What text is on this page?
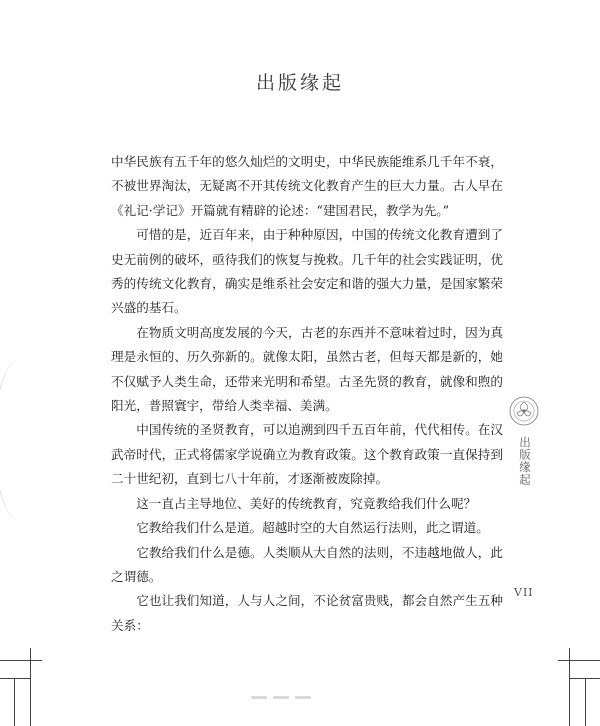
出版缘起

中华民族有五千年的悠久灿烂的文明史，中华民族能维系几千年不衰，不被世界淘汰，无疑离不开其传统文化教育产生的巨大力量。古人早在《礼记·学记》开篇就有精辟的论述：“建国君民，教学为先。”

可惜的是，近百年来，由于种种原因，中国的传统文化教育遭到了史无前例的破坏，亟待我们的恢复与挽救。几千年的社会实践证明，优秀的传统文化教育，确实是维系社会安定和谐的强大力量，是国家繁荣兴盛的基石。

在物质文明高度发展的今天，古老的东西并不意味着过时，因为真理是永恒的、历久弥新的。就像太阳，虽然古老，但每天都是新的，她不仅赋予人类生命，还带来光明和希望。古圣先贤的教育，就像和煦的阳光，普照寰宇，带给人类幸福、美满。

中国传统的圣贤教育，可以追溯到四千五百年前，代代相传。在汉武帝时代，正式将儒家学说确立为教育政策。这个教育政策一直保持到二十世纪初，直到七八十年前，才逐渐被废除掉。

这一直占主导地位、美好的传统教育，究竟教给我们什么呢？

它教给我们什么是道。超越时空的大自然运行法则，此之谓道。

它教给我们什么是德。人类顺从大自然的法则，不违越地做人，此之谓德。

它也让我们知道，人与人之间，不论贫富贵贱，都会自然产生五种关系：

出版缘起
VII
